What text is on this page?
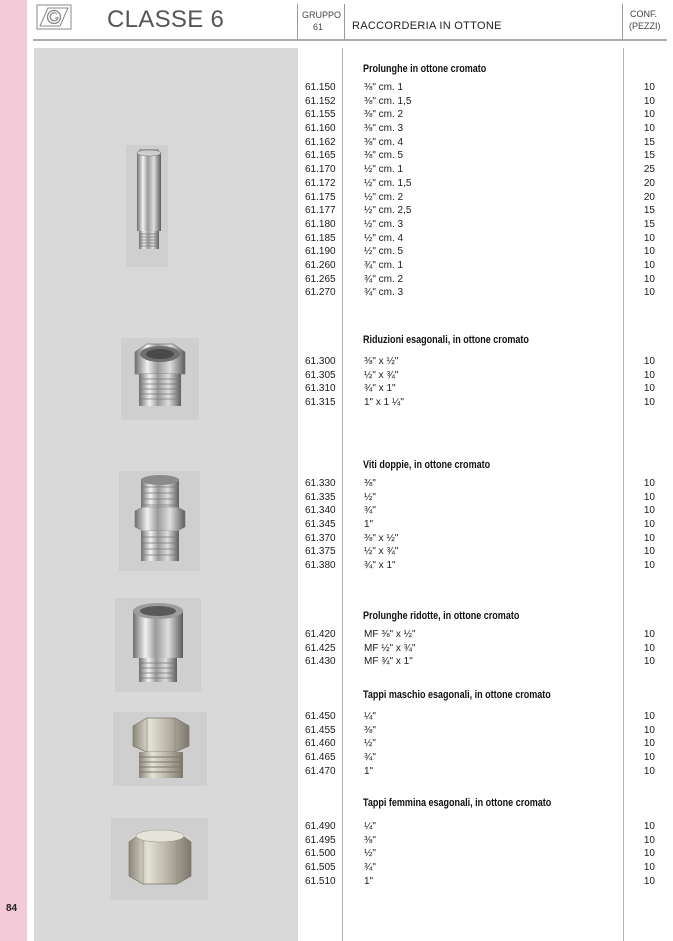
84
CLASSE 6	GRUPPO
61	RACCORDERIA IN OTTONE
CONF.
(PEZZI)
Prolunghe in ottone cromato
Riduzioni esagonali, in ottone cromato
Viti doppie, in ottone cromato
Prolunghe ridotte, in ottone cromato
Tappi maschio esagonali, in ottone cromato
Tappi femmina esagonali, in ottone cromato
61.150	⅜" cm. 1	10
61.152	⅜" cm. 1,5	10
61.155	⅜" cm. 2	10
61.160	⅜" cm. 3	10
61.162	⅜" cm. 4	15
61.165	⅜" cm. 5	15
61.170	½" cm. 1	25
61.172	½" cm. 1,5	20
61.175	½" cm. 2	20
61.177	½" cm. 2,5	15
61.180	½" cm. 3	15
61.185	½" cm. 4	10
61.190	½" cm. 5	10
61.260	¾" cm. 1	10
61.265	¾" cm. 2	10
61.270	¾" cm. 3	10
61.300	⅜" x ½"	10
61.305	½" x ¾"	10
61.310	¾" x 1"	10
61.315	1" x 1 ¼"	10
61.330	⅜"	10
61.335	½"	10
61.340	¾"	10
61.345	1"	10
61.370	⅜" x ½"	10
61.375	½" x ¾"	10
61.380	¾" x 1"	10
61.420	MF ⅜" x ½"	10
61.425	MF ½" x ¾"	10
61.430	MF ¾" x 1"	10
61.450	¼"	10
61.455	⅜"	10
61.460	½"	10
61.465	¾"	10
61.470	1"	10
61.490	¼"	10
61.495	⅜"	10
61.500	½"	10
61.505	¾"	10
61.510	1"	10
